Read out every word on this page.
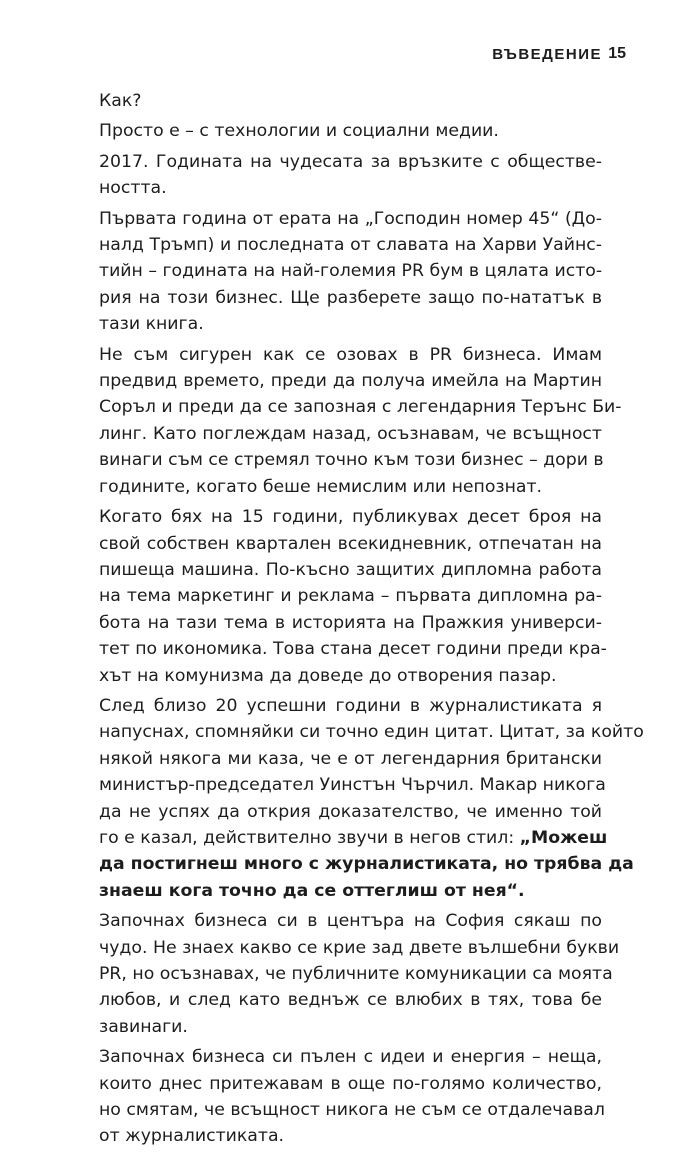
ВЪВЕДЕНИЕ 15
Как?
Просто е – с технологии и социални медии.
2017. Годината на чудесата за връзките с обществе-
ността.
Първата година от ерата на „Господин номер 45“ (До-
налд Тръмп) и последната от славата на Харви Уайнс-
тийн – годината на най-големия PR бум в цялата исто-
рия на този бизнес. Ще разберете защо по-нататък в
тази книга.
Не съм сигурен как се озовах в PR бизнеса. Имам
предвид времето, преди да получа имейла на Мартин
Соръл и преди да се запозная с легендарния Терънс Би-
линг. Като поглеждам назад, осъзнавам, че всъщност
винаги съм се стремял точно към този бизнес – дори в
годините, когато беше немислим или непознат.
Когато бях на 15 години, публикувах десет броя на
свой собствен квартален всекидневник, отпечатан на
пишеща машина. По-късно защитих дипломна работа
на тема маркетинг и реклама – първата дипломна ра-
бота на тази тема в историята на Пражкия универси-
тет по икономика. Това стана десет години преди кра-
хът на комунизма да доведе до отворения пазар.
След близо 20 успешни години в журналистиката я
напуснах, спомняйки си точно един цитат. Цитат, за който
някой някога ми каза, че е от легендарния британски
министър-председател Уинстън Чърчил. Макар никога
да не успях да открия доказателство, че именно той
го е казал, действително звучи в негов стил: „Можеш
да постигнеш много с журналистиката, но трябва да
знаеш кога точно да се оттеглиш от нея“.
Започнах бизнеса си в центъра на София сякаш по
чудо. Не знаех какво се крие зад двете вълшебни букви
PR, но осъзнавах, че публичните комуникации са моята
любов, и след като веднъж се влюбих в тях, това бе
завинаги.
Започнах бизнеса си пълен с идеи и енергия – неща,
които днес притежавам в още по-голямо количество,
но смятам, че всъщност никога не съм се отдалечавал
от журналистиката.
